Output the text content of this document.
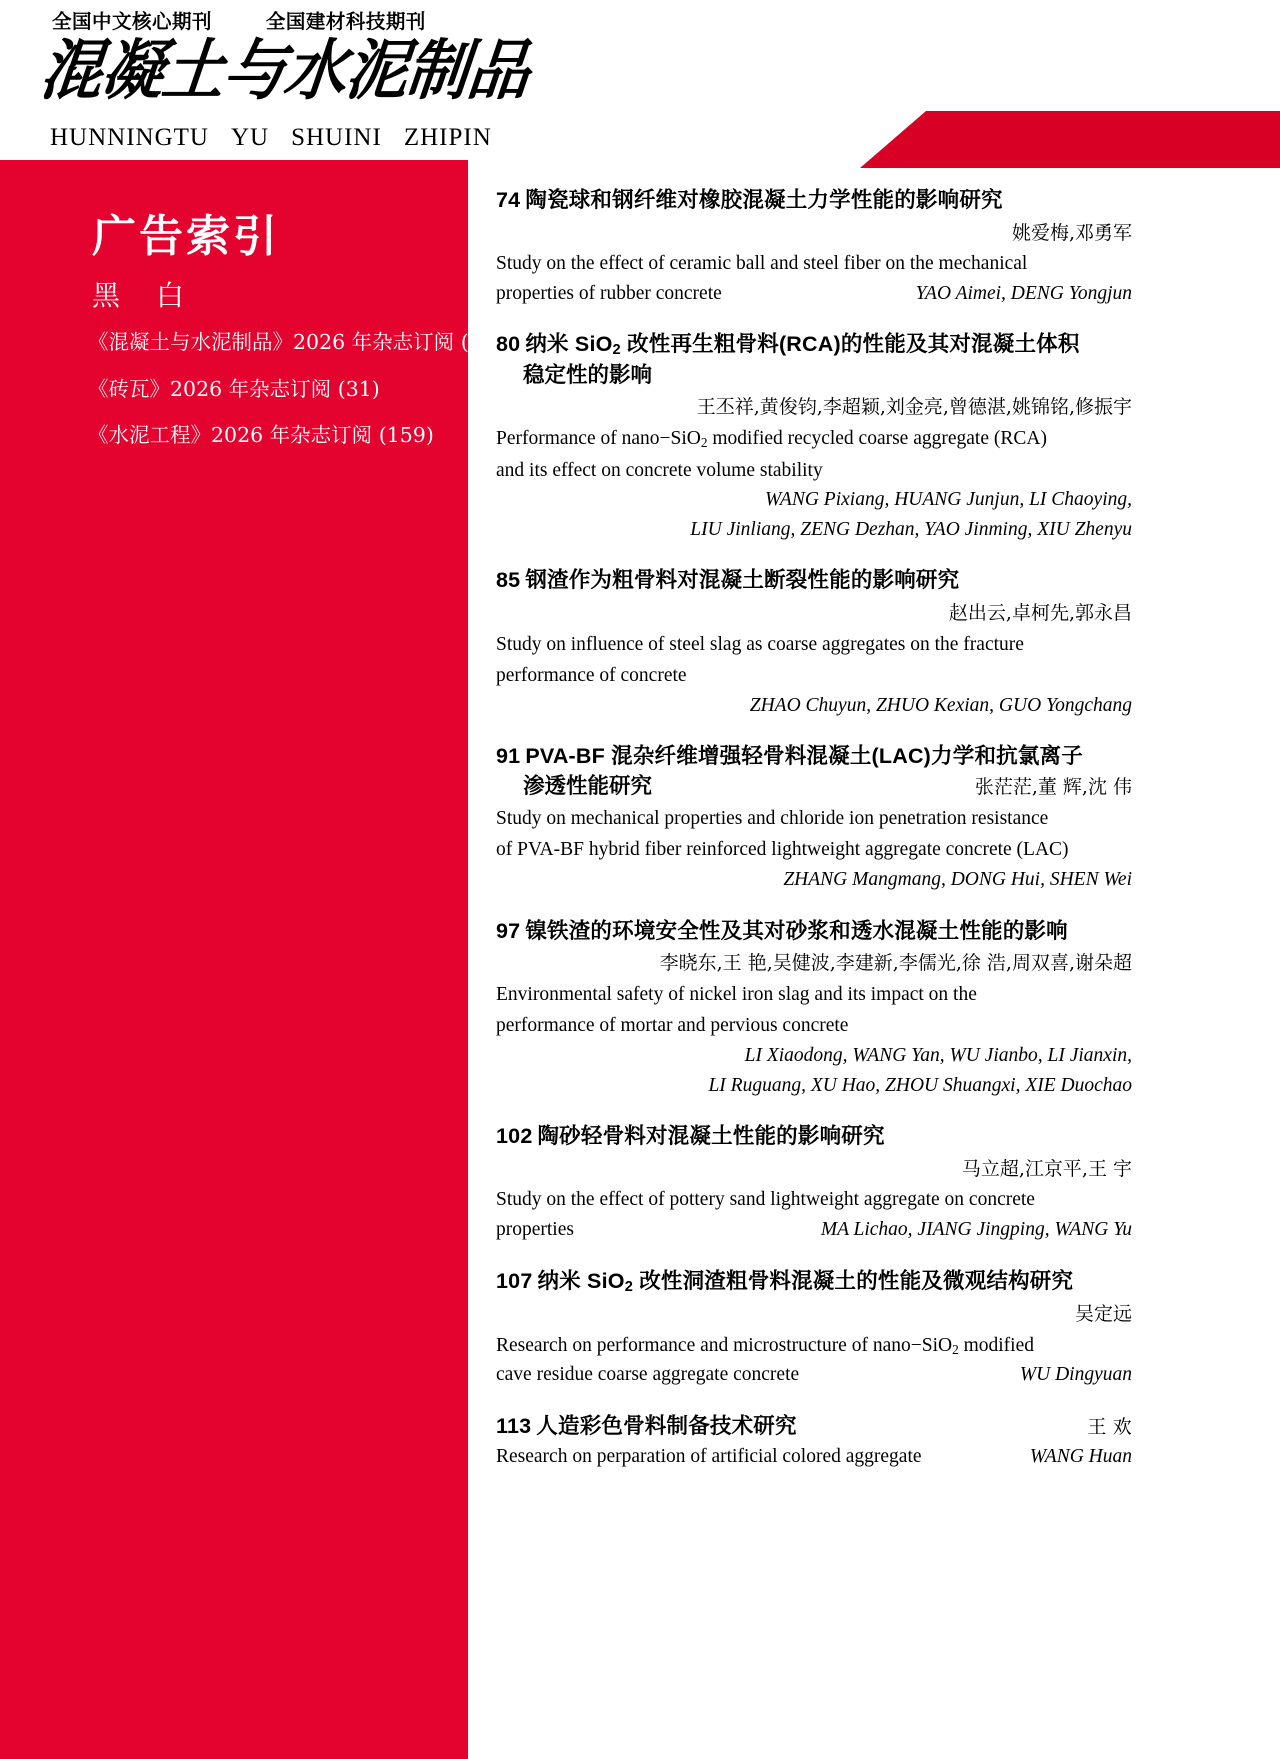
全国中文核心期刊	全国建材科技期刊
混凝土与水泥制品
HUNNINGTU YU SHUINI ZHIPIN
目 次 3
广告索引
黑 白
《混凝土与水泥制品》2026 年杂志订阅 (8)
《砖瓦》2026 年杂志订阅 (31)
《水泥工程》2026 年杂志订阅 (159)
74 陶瓷球和钢纤维对橡胶混凝土力学性能的影响研究
姚爱梅,邓勇军
Study on the effect of ceramic ball and steel fiber on the mechanical
properties of rubber concrete	YAO Aimei, DENG Yongjun
80 纳米 SiO$_2$ 改性再生粗骨料(RCA)的性能及其对混凝土体积
稳定性的影响
王丕祥,黄俊钧,李超颖,刘金亮,曾德湛,姚锦铭,修振宇
Performance of nano−SiO$_2$ modified recycled coarse aggregate (RCA)
and its effect on concrete volume stability
WANG Pixiang, HUANG Junjun, LI Chaoying,
LIU Jinliang, ZENG Dezhan, YAO Jinming, XIU Zhenyu
85 钢渣作为粗骨料对混凝土断裂性能的影响研究
赵出云,卓柯先,郭永昌
Study on influence of steel slag as coarse aggregates on the fracture
performance of concrete
ZHAO Chuyun, ZHUO Kexian, GUO Yongchang
91 PVA-BF 混杂纤维增强轻骨料混凝土(LAC)力学和抗氯离子
渗透性能研究	张茫茫,董 辉,沈 伟
Study on mechanical properties and chloride ion penetration resistance
of PVA-BF hybrid fiber reinforced lightweight aggregate concrete (LAC)
ZHANG Mangmang, DONG Hui, SHEN Wei
97 镍铁渣的环境安全性及其对砂浆和透水混凝土性能的影响
李晓东,王 艳,吴健波,李建新,李儒光,徐 浩,周双喜,谢朵超
Environmental safety of nickel iron slag and its impact on the
performance of mortar and pervious concrete
LI Xiaodong, WANG Yan, WU Jianbo, LI Jianxin,
LI Ruguang, XU Hao, ZHOU Shuangxi, XIE Duochao
102 陶砂轻骨料对混凝土性能的影响研究
马立超,江京平,王 宇
Study on the effect of pottery sand lightweight aggregate on concrete
properties	MA Lichao, JIANG Jingping, WANG Yu
107 纳米 SiO$_2$ 改性洞渣粗骨料混凝土的性能及微观结构研究
吴定远
Research on performance and microstructure of nano−SiO$_2$ modified
cave residue coarse aggregate concrete	WU Dingyuan
113 人造彩色骨料制备技术研究	王 欢
Research on perparation of artificial colored aggregate	WANG Huan
